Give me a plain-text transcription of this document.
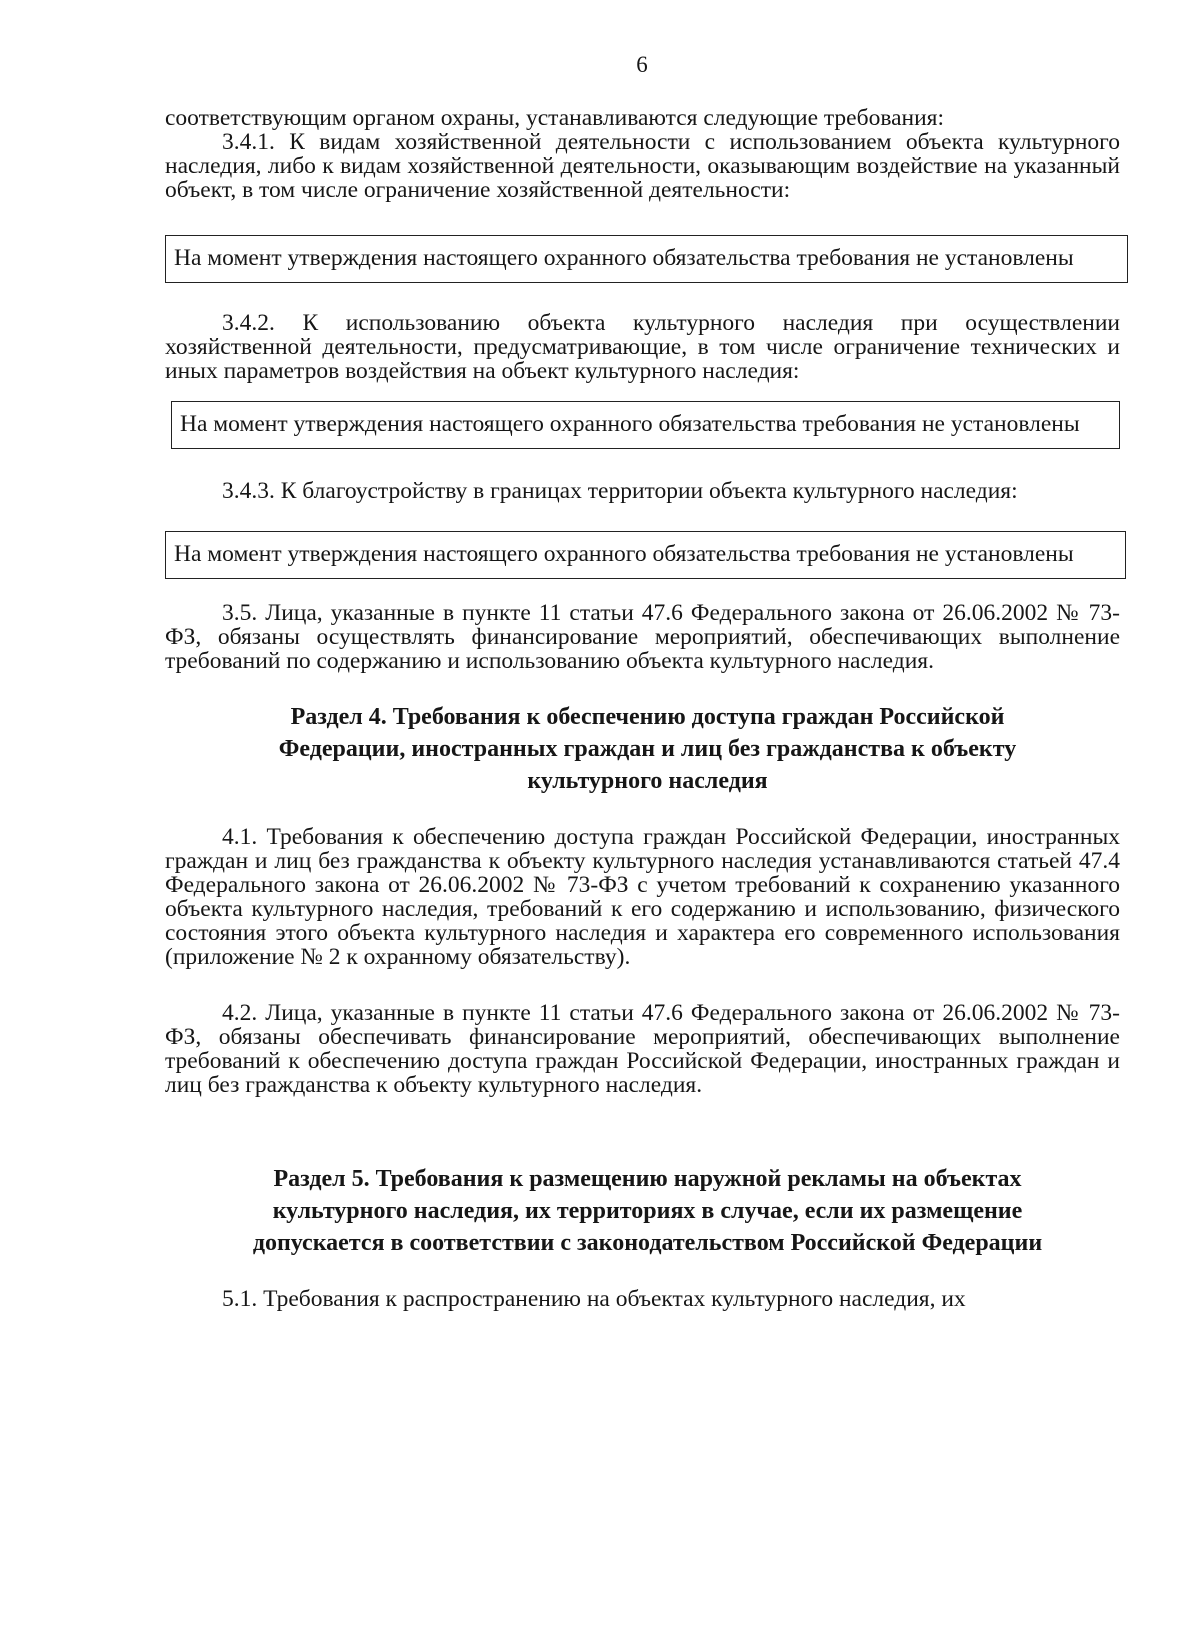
6

соответствующим органом охраны, устанавливаются следующие требования:

3.4.1. К видам хозяйственной деятельности с использованием объекта культурного наследия, либо к видам хозяйственной деятельности, оказывающим воздействие на указанный объект, в том числе ограничение хозяйственной деятельности:

На момент утверждения настоящего охранного обязательства требования не установлены

3.4.2. К использованию объекта культурного наследия при осуществлении хозяйственной деятельности, предусматривающие, в том числе ограничение технических и иных параметров воздействия на объект культурного наследия:

На момент утверждения настоящего охранного обязательства требования не установлены

3.4.3. К благоустройству в границах территории объекта культурного наследия:

На момент утверждения настоящего охранного обязательства требования не установлены

3.5. Лица, указанные в пункте 11 статьи 47.6 Федерального закона от 26.06.2002 № 73-ФЗ, обязаны осуществлять финансирование мероприятий, обеспечивающих выполнение требований по содержанию и использованию объекта культурного наследия.

Раздел 4. Требования к обеспечению доступа граждан Российской

Федерации, иностранных граждан и лиц без гражданства к объекту

культурного наследия

4.1. Требования к обеспечению доступа граждан Российской Федерации, иностранных граждан и лиц без гражданства к объекту культурного наследия устанавливаются статьей 47.4 Федерального закона от 26.06.2002 № 73-ФЗ с учетом требований к сохранению указанного объекта культурного наследия, требований к его содержанию и использованию, физического состояния этого объекта культурного наследия и характера его современного использования (приложение № 2 к охранному обязательству).

4.2. Лица, указанные в пункте 11 статьи 47.6 Федерального закона от 26.06.2002 № 73-ФЗ, обязаны обеспечивать финансирование мероприятий, обеспечивающих выполнение требований к обеспечению доступа граждан Российской Федерации, иностранных граждан и лиц без гражданства к объекту культурного наследия.

Раздел 5. Требования к размещению наружной рекламы на объектах

культурного наследия, их территориях в случае, если их размещение

допускается в соответствии с законодательством Российской Федерации

5.1. Требования к распространению на объектах культурного наследия, их
